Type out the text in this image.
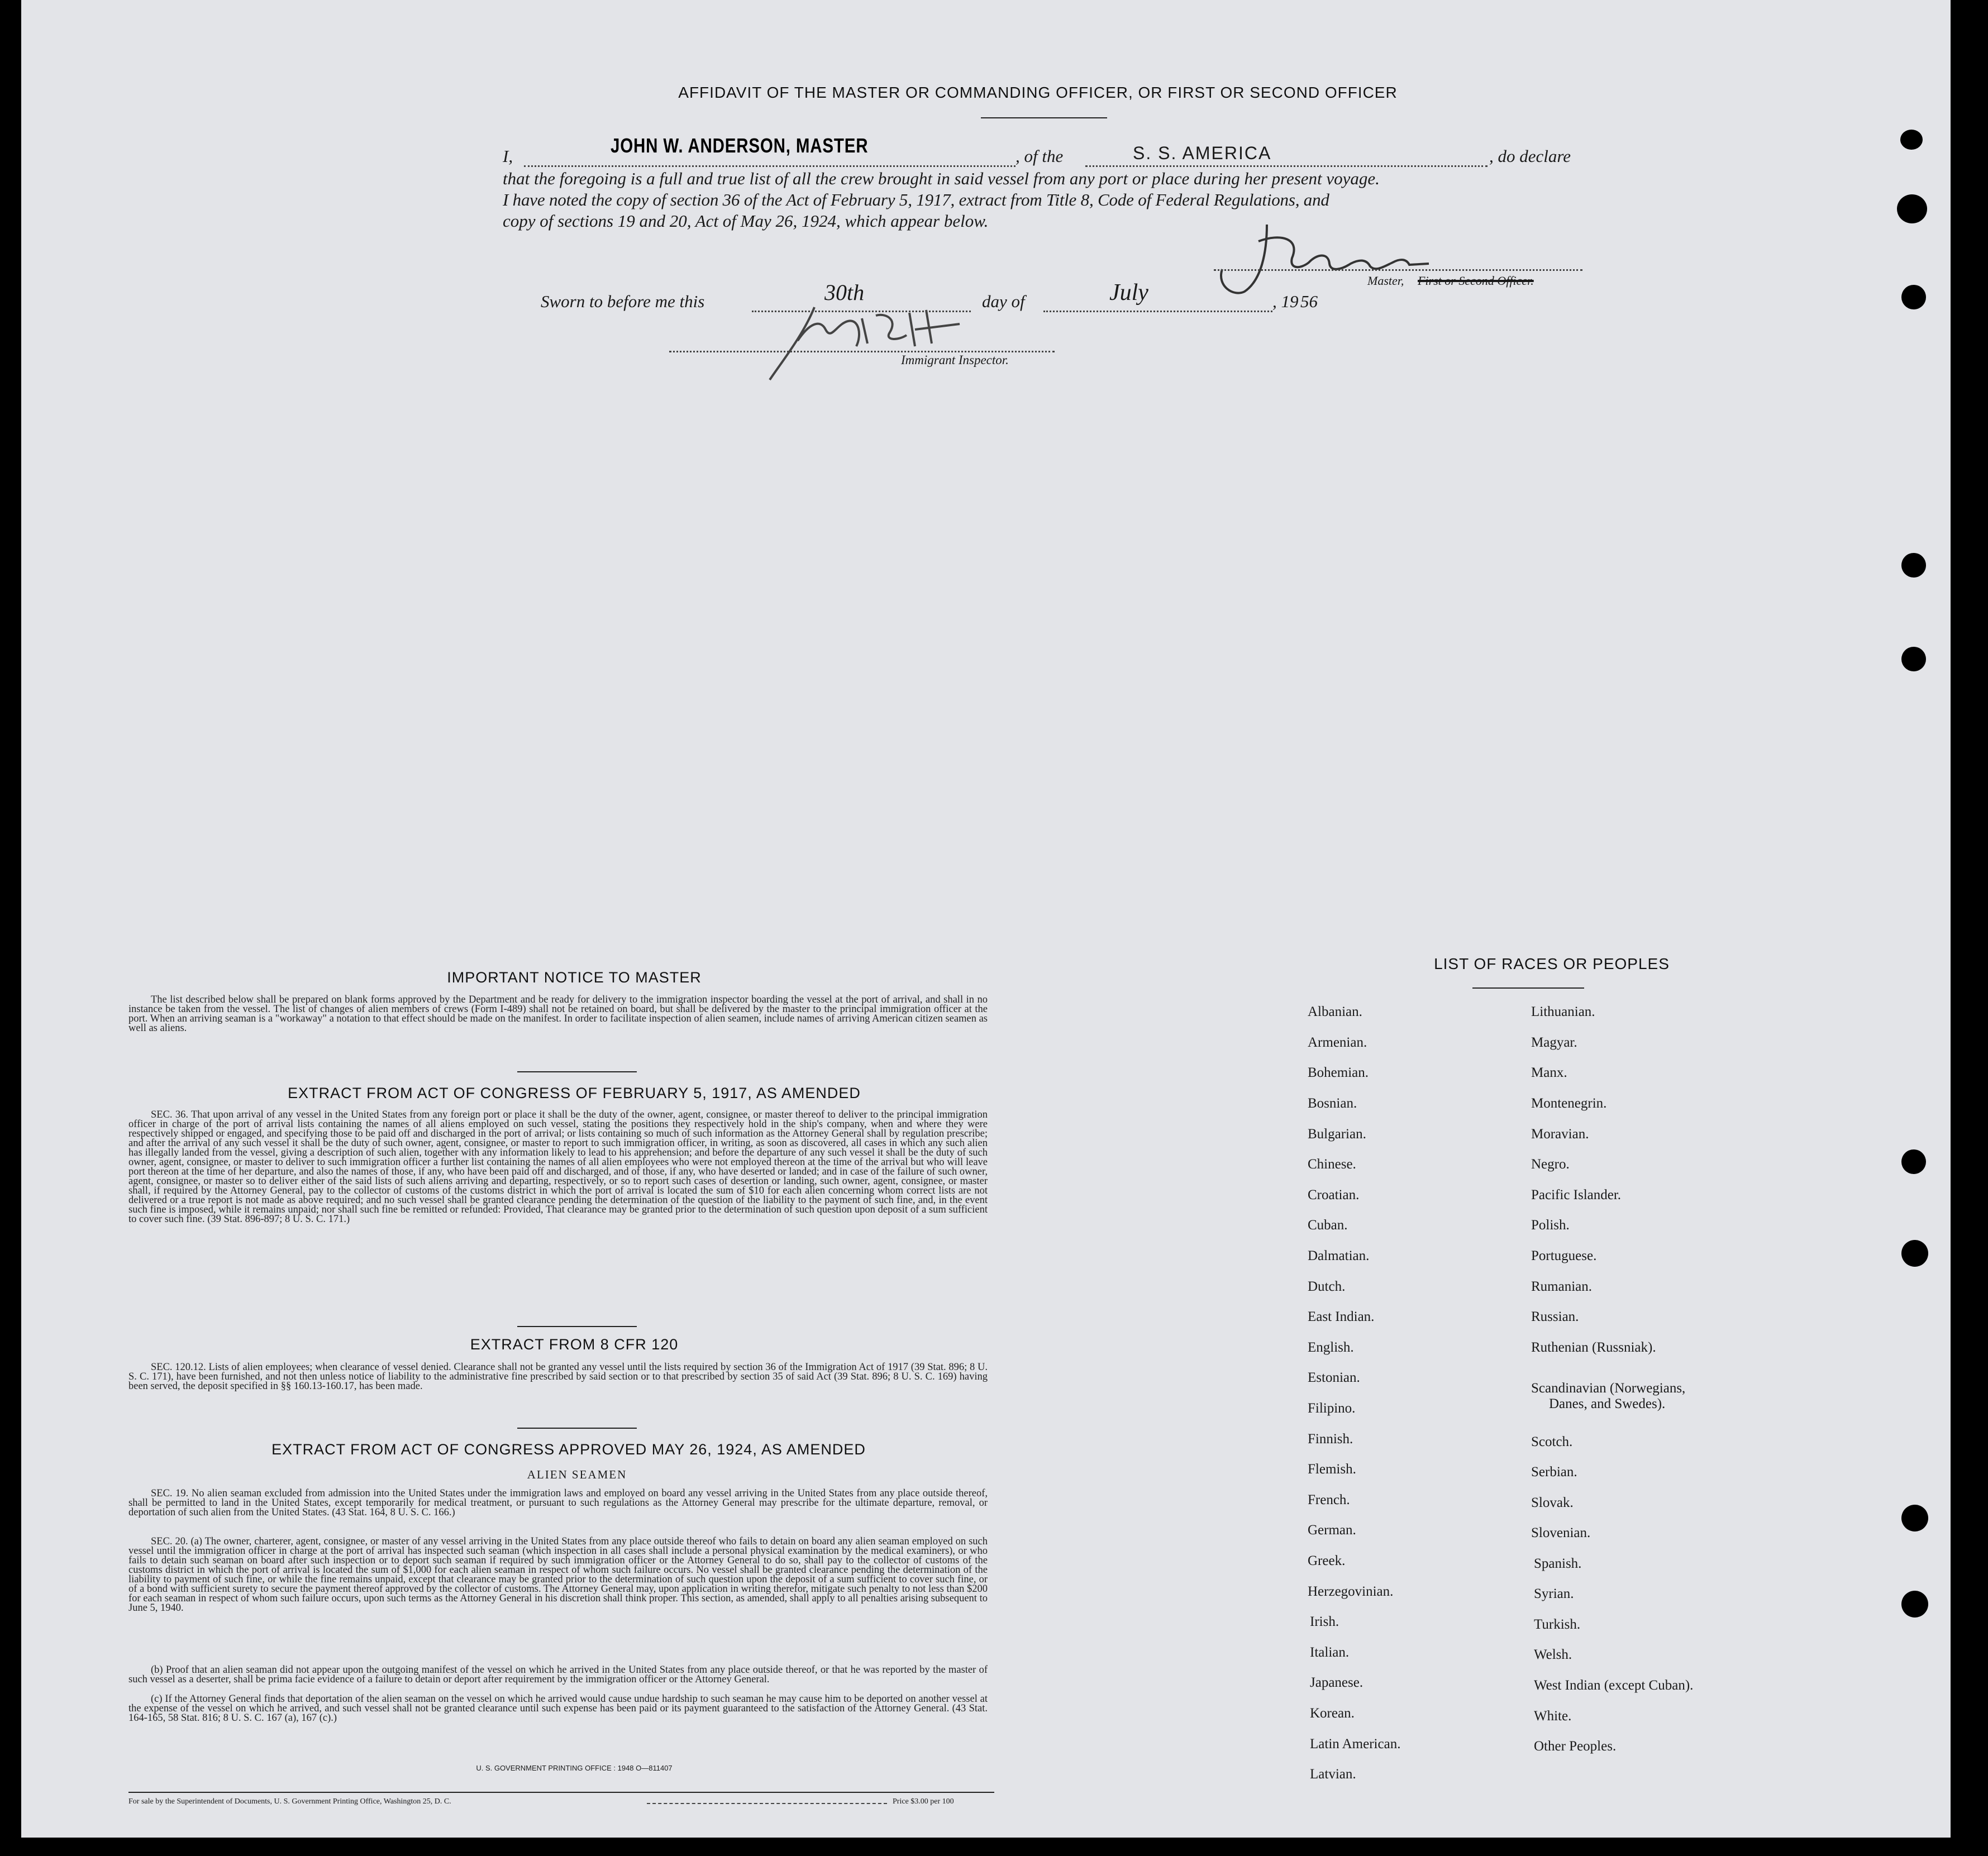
AFFIDAVIT OF THE MASTER OR COMMANDING OFFICER, OR FIRST OR SECOND OFFICER
I,	JOHN W. ANDERSON, MASTER	, of the	S. S. AMERICA	, do declare
that the foregoing is a full and true list of all the crew brought in said vessel from any port or place during her present voyage.
I have noted the copy of section 36 of the Act of February 5, 1917, extract from Title 8, Code of Federal Regulations, and
copy of sections 19 and 20, Act of May 26, 1924, which appear below.
Master, First or Second Officer.
Sworn to before me this	30th	day of	July	, 19 56
Immigrant Inspector.
IMPORTANT NOTICE TO MASTER
The list described below shall be prepared on blank forms approved by the Department and be ready for delivery to the immigration inspector boarding the vessel at the port of arrival, and shall in no instance be taken from the vessel. The list of changes of alien members of crews (Form I-489) shall not be retained on board, but shall be delivered by the master to the principal immigration officer at the port. When an arriving seaman is a "workaway" a notation to that effect should be made on the manifest. In order to facilitate inspection of alien seamen, include names of arriving American citizen seamen as well as aliens.
EXTRACT FROM ACT OF CONGRESS OF FEBRUARY 5, 1917, AS AMENDED
SEC. 36. That upon arrival of any vessel in the United States from any foreign port or place it shall be the duty of the owner, agent, consignee, or master thereof to deliver to the principal immigration officer in charge of the port of arrival lists containing the names of all aliens employed on such vessel, stating the positions they respectively hold in the ship's company, when and where they were respectively shipped or engaged, and specifying those to be paid off and discharged in the port of arrival; or lists containing so much of such information as the Attorney General shall by regulation prescribe; and after the arrival of any such vessel it shall be the duty of such owner, agent, consignee, or master to report to such immigration officer, in writing, as soon as discovered, all cases in which any such alien has illegally landed from the vessel, giving a description of such alien, together with any information likely to lead to his apprehension; and before the departure of any such vessel it shall be the duty of such owner, agent, consignee, or master to deliver to such immigration officer a further list containing the names of all alien employees who were not employed thereon at the time of the arrival but who will leave port thereon at the time of her departure, and also the names of those, if any, who have been paid off and discharged, and of those, if any, who have deserted or landed; and in case of the failure of such owner, agent, consignee, or master so to deliver either of the said lists of such aliens arriving and departing, respectively, or so to report such cases of desertion or landing, such owner, agent, consignee, or master shall, if required by the Attorney General, pay to the collector of customs of the customs district in which the port of arrival is located the sum of $10 for each alien concerning whom correct lists are not delivered or a true report is not made as above required; and no such vessel shall be granted clearance pending the determination of the question of the liability to the payment of such fine, and, in the event such fine is imposed, while it remains unpaid; nor shall such fine be remitted or refunded: Provided, That clearance may be granted prior to the determination of such question upon deposit of a sum sufficient to cover such fine. (39 Stat. 896-897; 8 U. S. C. 171.)
EXTRACT FROM 8 CFR 120
SEC. 120.12. Lists of alien employees; when clearance of vessel denied. Clearance shall not be granted any vessel until the lists required by section 36 of the Immigration Act of 1917 (39 Stat. 896; 8 U. S. C. 171), have been furnished, and not then unless notice of liability to the administrative fine prescribed by said section or to that prescribed by section 35 of said Act (39 Stat. 896; 8 U. S. C. 169) having been served, the deposit specified in §§ 160.13-160.17, has been made.
EXTRACT FROM ACT OF CONGRESS APPROVED MAY 26, 1924, AS AMENDED
ALIEN SEAMEN
SEC. 19. No alien seaman excluded from admission into the United States under the immigration laws and employed on board any vessel arriving in the United States from any place outside thereof, shall be permitted to land in the United States, except temporarily for medical treatment, or pursuant to such regulations as the Attorney General may prescribe for the ultimate departure, removal, or deportation of such alien from the United States. (43 Stat. 164, 8 U. S. C. 166.)
SEC. 20. (a) The owner, charterer, agent, consignee, or master of any vessel arriving in the United States from any place outside thereof who fails to detain on board any alien seaman employed on such vessel until the immigration officer in charge at the port of arrival has inspected such seaman (which inspection in all cases shall include a personal physical examination by the medical examiners), or who fails to detain such seaman on board after such inspection or to deport such seaman if required by such immigration officer or the Attorney General to do so, shall pay to the collector of customs of the customs district in which the port of arrival is located the sum of $1,000 for each alien seaman in respect of whom such failure occurs. No vessel shall be granted clearance pending the determination of the liability to payment of such fine, or while the fine remains unpaid, except that clearance may be granted prior to the determination of such question upon the deposit of a sum sufficient to cover such fine, or of a bond with sufficient surety to secure the payment thereof approved by the collector of customs. The Attorney General may, upon application in writing therefor, mitigate such penalty to not less than $200 for each seaman in respect of whom such failure occurs, upon such terms as the Attorney General in his discretion shall think proper. This section, as amended, shall apply to all penalties arising subsequent to June 5, 1940.
(b) Proof that an alien seaman did not appear upon the outgoing manifest of the vessel on which he arrived in the United States from any place outside thereof, or that he was reported by the master of such vessel as a deserter, shall be prima facie evidence of a failure to detain or deport after requirement by the immigration officer or the Attorney General.
(c) If the Attorney General finds that deportation of the alien seaman on the vessel on which he arrived would cause undue hardship to such seaman he may cause him to be deported on another vessel at the expense of the vessel on which he arrived, and such vessel shall not be granted clearance until such expense has been paid or its payment guaranteed to the satisfaction of the Attorney General. (43 Stat. 164-165, 58 Stat. 816; 8 U. S. C. 167 (a), 167 (c).)
U. S. GOVERNMENT PRINTING OFFICE : 1948 O—811407
For sale by the Superintendent of Documents, U. S. Government Printing Office, Washington 25, D. C.	Price $3.00 per 100
LIST OF RACES OR PEOPLES
Albanian.
Armenian.
Bohemian.
Bosnian.
Bulgarian.
Chinese.
Croatian.
Cuban.
Dalmatian.
Dutch.
East Indian.
English.
Estonian.
Filipino.
Finnish.
Flemish.
French.
German.
Greek.
Herzegovinian.
Irish.
Italian.
Japanese.
Korean.
Latin American.
Latvian.
Lithuanian.
Magyar.
Manx.
Montenegrin.
Moravian.
Negro.
Pacific Islander.
Polish.
Portuguese.
Rumanian.
Russian.
Ruthenian (Russniak).
Scandinavian (Norwegians,
Danes, and Swedes).
Scotch.
Serbian.
Slovak.
Slovenian.
Spanish.
Syrian.
Turkish.
Welsh.
West Indian (except Cuban).
White.
Other Peoples.
